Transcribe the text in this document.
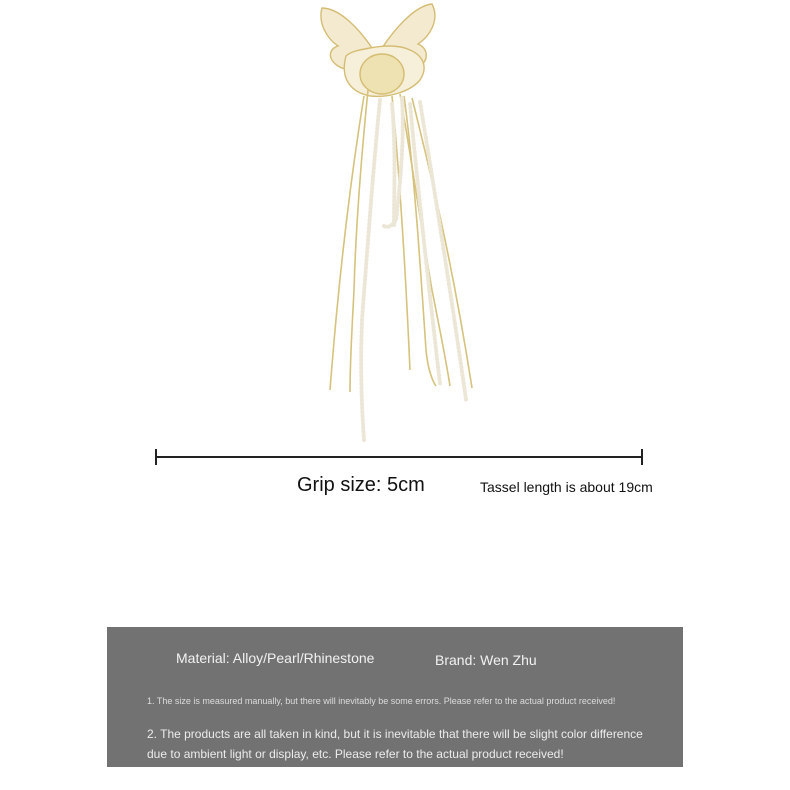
Grip size: 5cm	Tassel length is about 19cm
Material: Alloy/Pearl/Rhinestone	Brand: Wen Zhu
1. The size is measured manually, but there will inevitably be some errors. Please refer to the actual product received!
2. The products are all taken in kind, but it is inevitable that there will be slight color difference due to ambient light or display, etc. Please refer to the actual product received!
